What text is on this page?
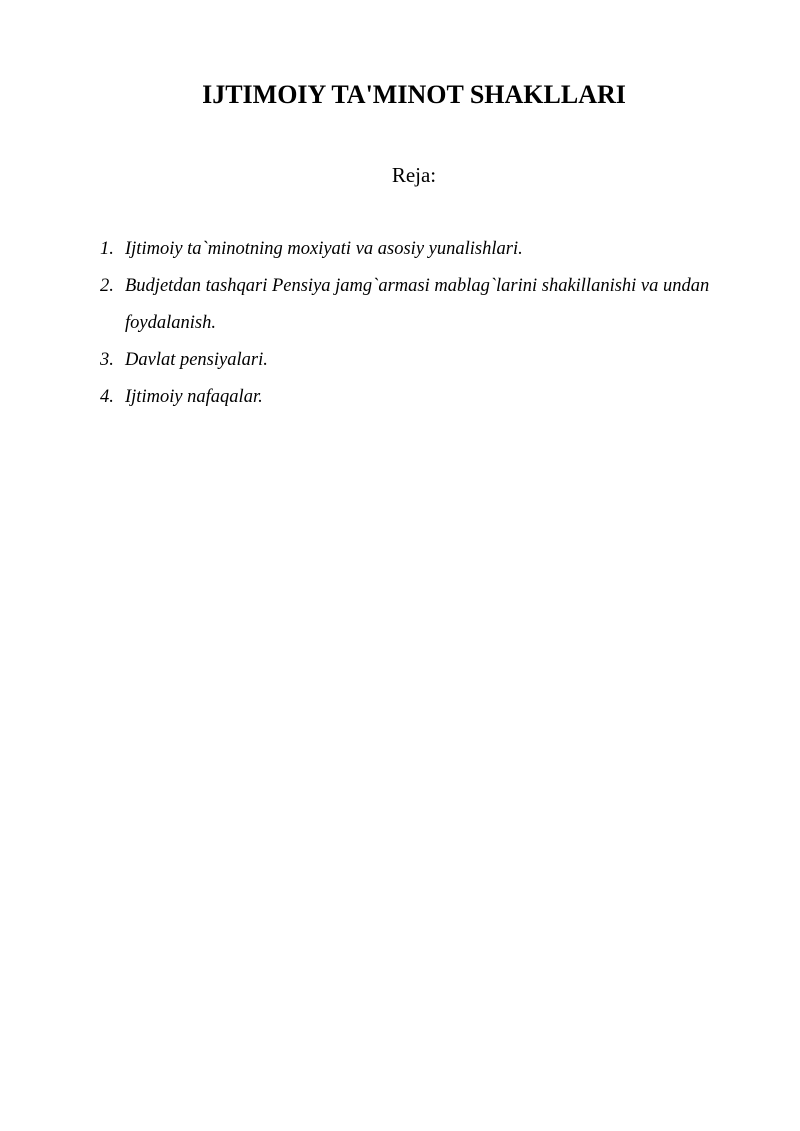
IJTIMOIY TA'MINOT SHAKLLARI
Reja:
1. Ijtimoiy ta`minotning moxiyati va asosiy yunalishlari.
2. Budjetdan tashqari Pensiya jamg`armasi mablag`larini shakillanishi va undan foydalanish.
3. Davlat pensiyalari.
4. Ijtimoiy nafaqalar.
